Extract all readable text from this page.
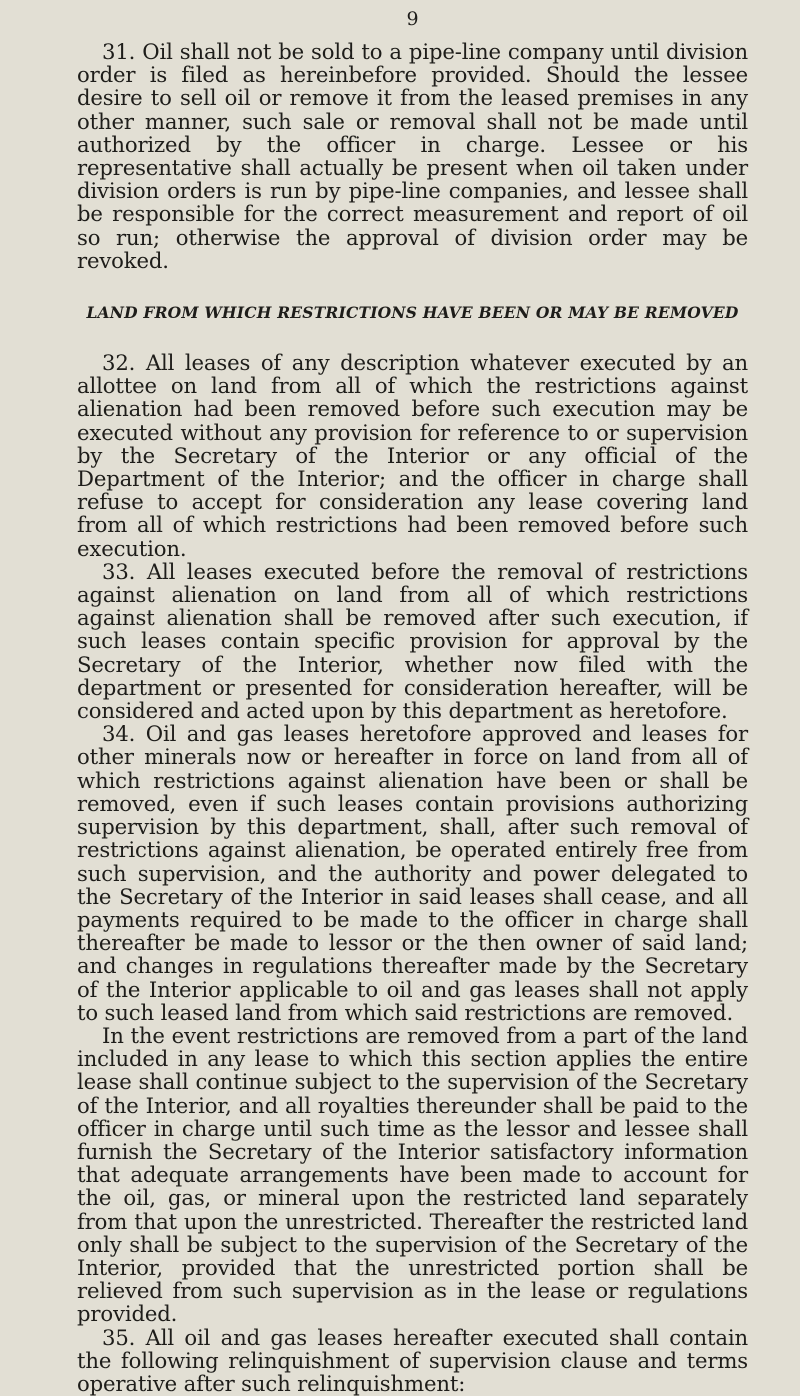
9

31. Oil shall not be sold to a pipe-line company until division order is filed as hereinbefore provided. Should the lessee desire to sell oil or remove it from the leased premises in any other manner, such sale or removal shall not be made until authorized by the officer in charge. Lessee or his representative shall actually be present when oil taken under division orders is run by pipe-line companies, and lessee shall be responsible for the correct measurement and report of oil so run; otherwise the approval of division order may be revoked.

LAND FROM WHICH RESTRICTIONS HAVE BEEN OR MAY BE REMOVED

32. All leases of any description whatever executed by an allottee on land from all of which the restrictions against alienation had been removed before such execution may be executed without any provision for reference to or supervision by the Secretary of the Interior or any official of the Department of the Interior; and the officer in charge shall refuse to accept for consideration any lease covering land from all of which restrictions had been removed before such execution.

33. All leases executed before the removal of restrictions against alienation on land from all of which restrictions against alienation shall be removed after such execution, if such leases contain specific provision for approval by the Secretary of the Interior, whether now filed with the department or presented for consideration hereafter, will be considered and acted upon by this department as heretofore.

34. Oil and gas leases heretofore approved and leases for other minerals now or hereafter in force on land from all of which restrictions against alienation have been or shall be removed, even if such leases contain provisions authorizing supervision by this department, shall, after such removal of restrictions against alienation, be operated entirely free from such supervision, and the authority and power delegated to the Secretary of the Interior in said leases shall cease, and all payments required to be made to the officer in charge shall thereafter be made to lessor or the then owner of said land; and changes in regulations thereafter made by the Secretary of the Interior applicable to oil and gas leases shall not apply to such leased land from which said restrictions are removed.

In the event restrictions are removed from a part of the land included in any lease to which this section applies the entire lease shall continue subject to the supervision of the Secretary of the Interior, and all royalties thereunder shall be paid to the officer in charge until such time as the lessor and lessee shall furnish the Secretary of the Interior satisfactory information that adequate arrangements have been made to account for the oil, gas, or mineral upon the restricted land separately from that upon the unrestricted. Thereafter the restricted land only shall be subject to the supervision of the Secretary of the Interior, provided that the unrestricted portion shall be relieved from such supervision as in the lease or regulations provided.

35. All oil and gas leases hereafter executed shall contain the following relinquishment of supervision clause and terms operative after such relinquishment:
